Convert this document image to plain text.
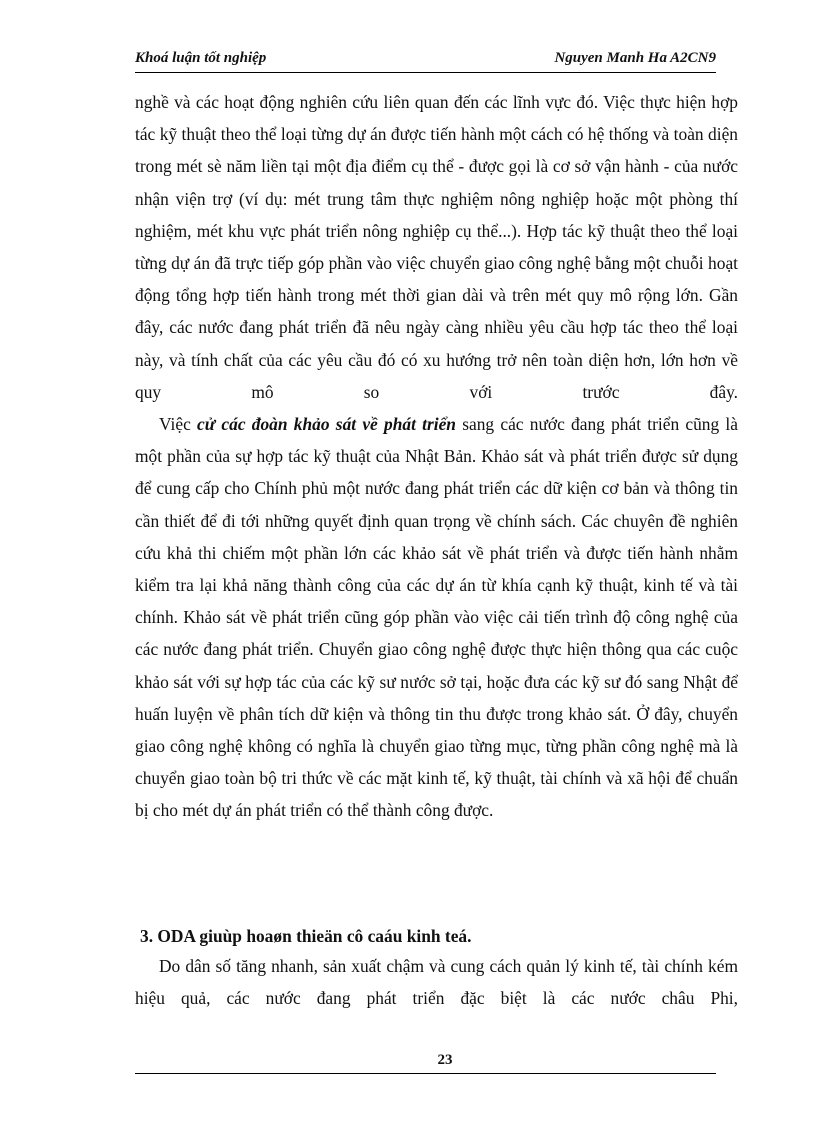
Khoá luận tốt nghiệp	Nguyen Manh Ha A2CN9

nghề và các hoạt động nghiên cứu liên quan đến các lĩnh vực đó. Việc thực hiện hợp tác kỹ thuật theo thể loại từng dự án được tiến hành một cách có hệ thống và toàn diện trong mét sè năm liền tại một địa điểm cụ thể - được gọi là cơ sở vận hành - của nước nhận viện trợ (ví dụ: mét trung tâm thực nghiệm nông nghiệp hoặc một phòng thí nghiệm, mét khu vực phát triển nông nghiệp cụ thể...). Hợp tác kỹ thuật theo thể loại từng dự án đã trực tiếp góp phần vào việc chuyển giao công nghệ bằng một chuỗi hoạt động tổng hợp tiến hành trong mét thời gian dài và trên mét quy mô rộng lớn. Gần đây, các nước đang phát triển đã nêu ngày càng nhiều yêu cầu hợp tác theo thể loại này, và tính chất của các yêu cầu đó có xu hướng trở nên toàn diện hơn, lớn hơn về quy mô so với trước đây.

Việc cử các đoàn khảo sát về phát triển sang các nước đang phát triển cũng là một phần của sự hợp tác kỹ thuật của Nhật Bản. Khảo sát và phát triển được sử dụng để cung cấp cho Chính phủ một nước đang phát triển các dữ kiện cơ bản và thông tin cần thiết để đi tới những quyết định quan trọng về chính sách. Các chuyên đề nghiên cứu khả thi chiếm một phần lớn các khảo sát về phát triển và được tiến hành nhằm kiểm tra lại khả năng thành công của các dự án từ khía cạnh kỹ thuật, kinh tế và tài chính. Khảo sát về phát triển cũng góp phần vào việc cải tiến trình độ công nghệ của các nước đang phát triển. Chuyển giao công nghệ được thực hiện thông qua các cuộc khảo sát với sự hợp tác của các kỹ sư nước sở tại, hoặc đưa các kỹ sư đó sang Nhật để huấn luyện về phân tích dữ kiện và thông tin thu được trong khảo sát. Ở đây, chuyển giao công nghệ không có nghĩa là chuyển giao từng mục, từng phần công nghệ mà là chuyển giao toàn bộ tri thức về các mặt kinh tế, kỹ thuật, tài chính và xã hội để chuẩn bị cho mét dự án phát triển có thể thành công được.

3. ODA giuùp hoaøn thieän cô caáu kinh teá.

Do dân số tăng nhanh, sản xuất chậm và cung cách quản lý kinh tế, tài chính kém hiệu quả, các nước đang phát triển đặc biệt là các nước châu Phi,

23
